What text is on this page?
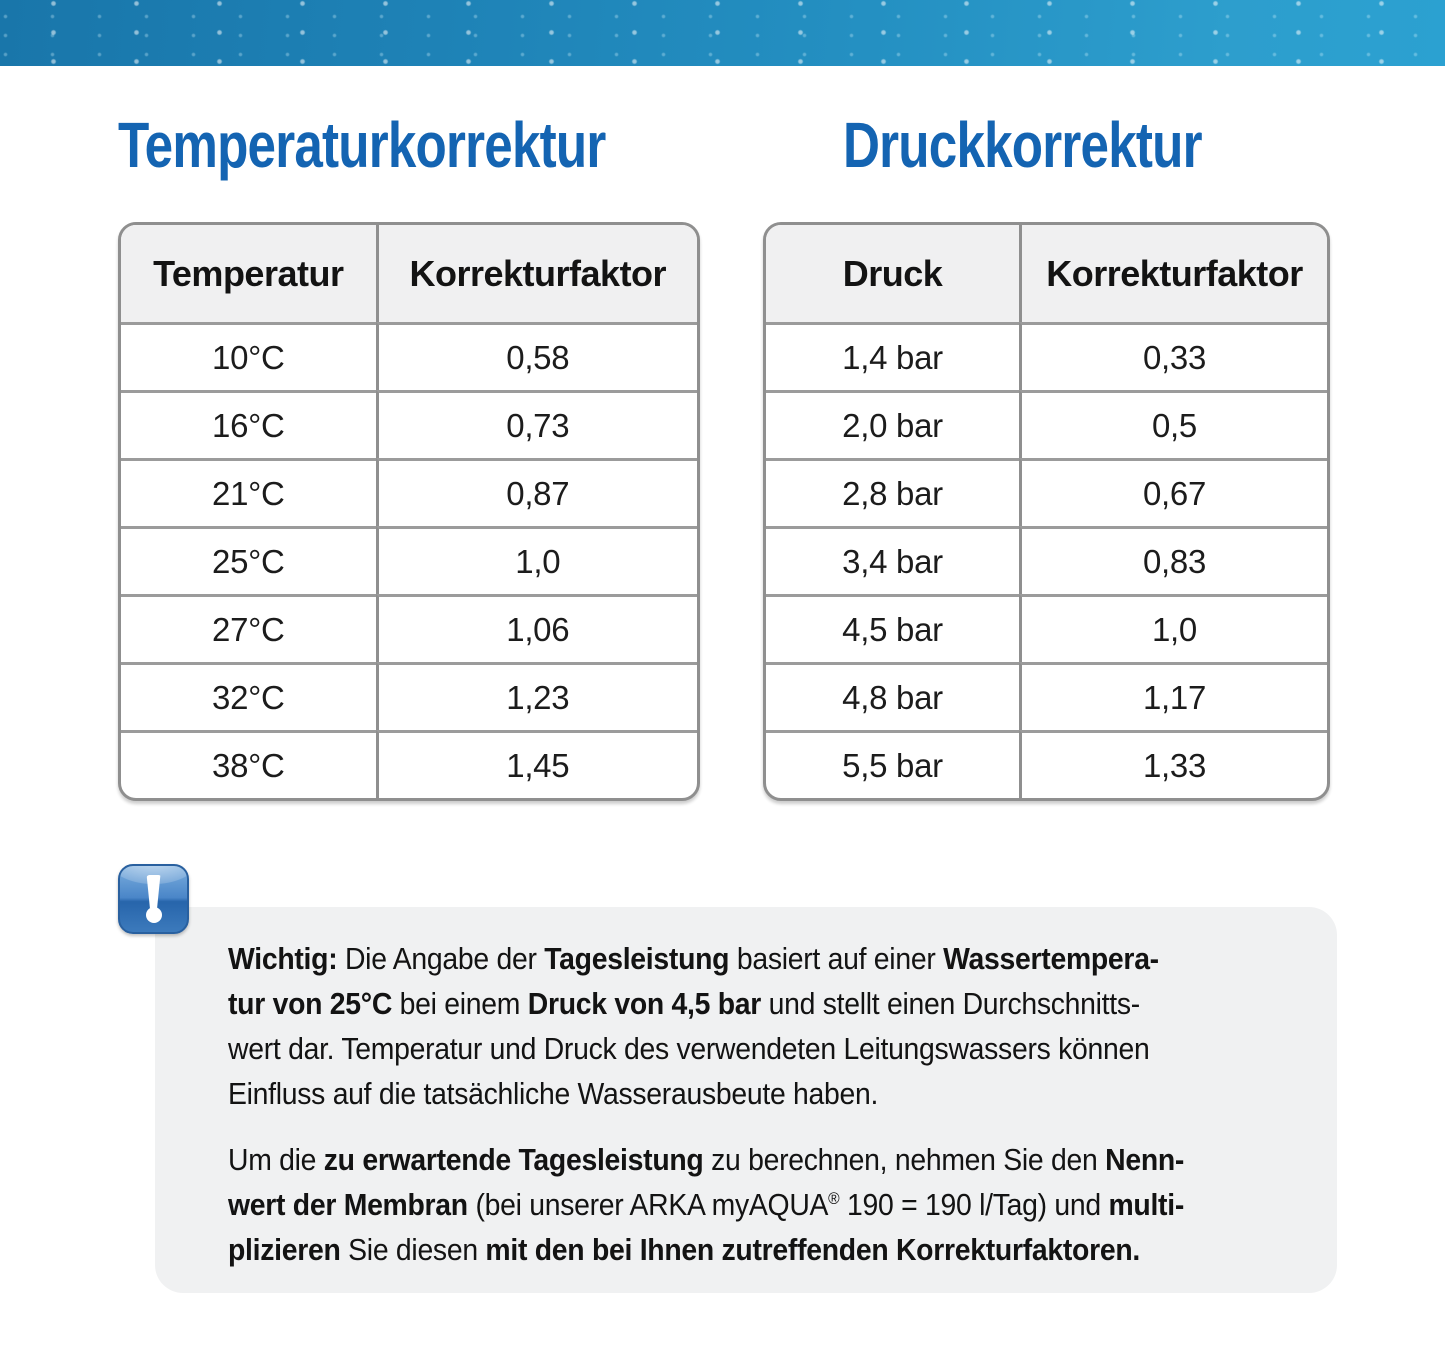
Temperaturkorrektur
Temperatur	Korrekturfaktor
10°C	0,58
16°C	0,73
21°C	0,87
25°C	1,0
27°C	1,06
32°C	1,23
38°C	1,45
Druckkorrektur
Druck	Korrekturfaktor
1,4 bar	0,33
2,0 bar	0,5
2,8 bar	0,67
3,4 bar	0,83
4,5 bar	1,0
4,8 bar	1,17
5,5 bar	1,33
Wichtig: Die Angabe der Tagesleistung basiert auf einer Wassertempera-
tur von 25°C bei einem Druck von 4,5 bar und stellt einen Durchschnitts-
wert dar. Temperatur und Druck des verwendeten Leitungswassers können
Einfluss auf die tatsächliche Wasserausbeute haben.
Um die zu erwartende Tagesleistung zu berechnen, nehmen Sie den Nenn-
wert der Membran (bei unserer ARKA myAQUA® 190 = 190 l/Tag) und multi-
plizieren Sie diesen mit den bei Ihnen zutreffenden Korrekturfaktoren.
